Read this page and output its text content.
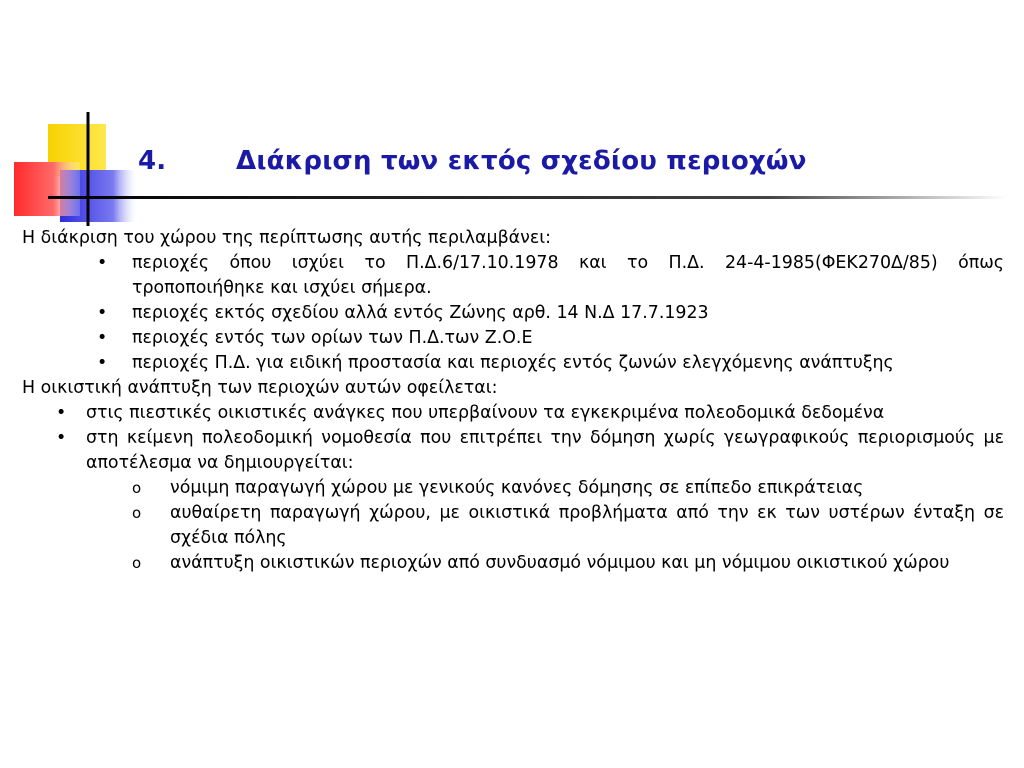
4.	Διάκριση των εκτός σχεδίου περιοχών

Η διάκριση του χώρου της περίπτωσης αυτής περιλαμβάνει:

• περιοχές όπου ισχύει το Π.Δ.6/17.10.1978 και το Π.Δ. 24-4-1985(ΦΕΚ270Δ/85) όπως τροποποιήθηκε και ισχύει σήμερα.
• περιοχές εκτός σχεδίου αλλά εντός Ζώνης αρθ. 14 Ν.Δ 17.7.1923
• περιοχές εντός των ορίων των Π.Δ.των Ζ.Ο.Ε
• περιοχές Π.Δ. για ειδική προστασία και περιοχές εντός ζωνών ελεγχόμενης ανάπτυξης

Η οικιστική ανάπτυξη των περιοχών αυτών οφείλεται:

• στις πιεστικές οικιστικές ανάγκες που υπερβαίνουν τα εγκεκριμένα πολεοδομικά δεδομένα
• στη κείμενη πολεοδομική νομοθεσία που επιτρέπει την δόμηση χωρίς γεωγραφικούς περιορισμούς με αποτέλεσμα να δημιουργείται:
o νόμιμη παραγωγή χώρου με γενικούς κανόνες δόμησης σε επίπεδο επικράτειας
o αυθαίρετη παραγωγή χώρου, με οικιστικά προβλήματα από την εκ των υστέρων ένταξη σε σχέδια πόλης
o ανάπτυξη οικιστικών περιοχών από συνδυασμό νόμιμου και μη νόμιμου οικιστικού χώρου
